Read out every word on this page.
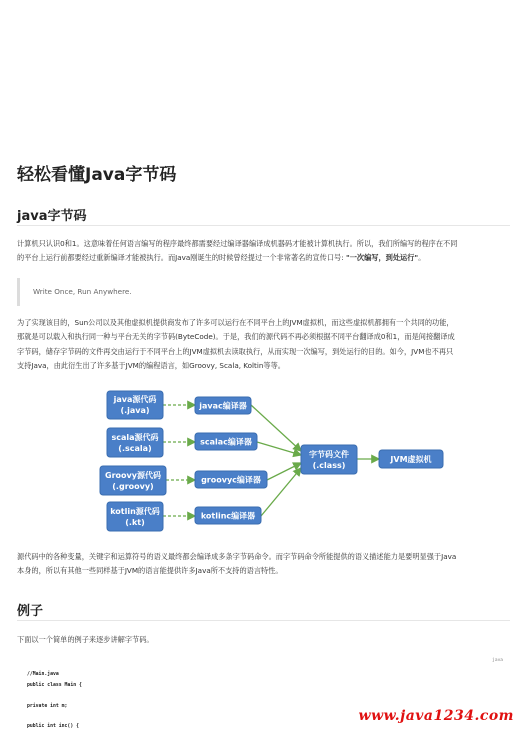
轻松看懂Java字节码
java字节码
计算机只认识0和1。这意味着任何语言编写的程序最终都需要经过编译器编译成机器码才能被计算机执行。所以，我们所编写的程序在不同
的平台上运行前都要经过重新编译才能被执行。而Java刚诞生的时候曾经提过一个非常著名的宣传口号: "一次编写，到处运行"。
Write Once, Run Anywhere.
为了实现该目的，Sun公司以及其他虚拟机提供商发布了许多可以运行在不同平台上的JVM虚拟机，而这些虚拟机都拥有一个共同的功能，
那就是可以载入和执行同一种与平台无关的字节码(ByteCode)。于是，我们的源代码不再必须根据不同平台翻译成0和1，而是间接翻译成
字节码，储存字节码的文件再交由运行于不同平台上的JVM虚拟机去读取执行，从而实现一次编写，到处运行的目的。如今，JVM也不再只
支持Java，由此衍生出了许多基于JVM的编程语言，如Groovy, Scala, Koltin等等。
java源代码
(.java)
scala源代码
(.scala)
Groovy源代码
(.groovy)
kotlin源代码
(.kt)
javac编译器
scalac编译器
groovyc编译器
kotlinc编译器
字节码文件
(.class)
JVM虚拟机
源代码中的各种变量，关键字和运算符号的语义最终都会编译成多条字节码命令。而字节码命令所能提供的语义描述能力是要明显强于Java
本身的，所以有其他一些同样基于JVM的语言能提供许多Java所不支持的语言特性。
例子
下面以一个简单的例子来逐步讲解字节码。
java
//Main.java
public class Main {
private int m;
public int inc() {
www.java1234.com
